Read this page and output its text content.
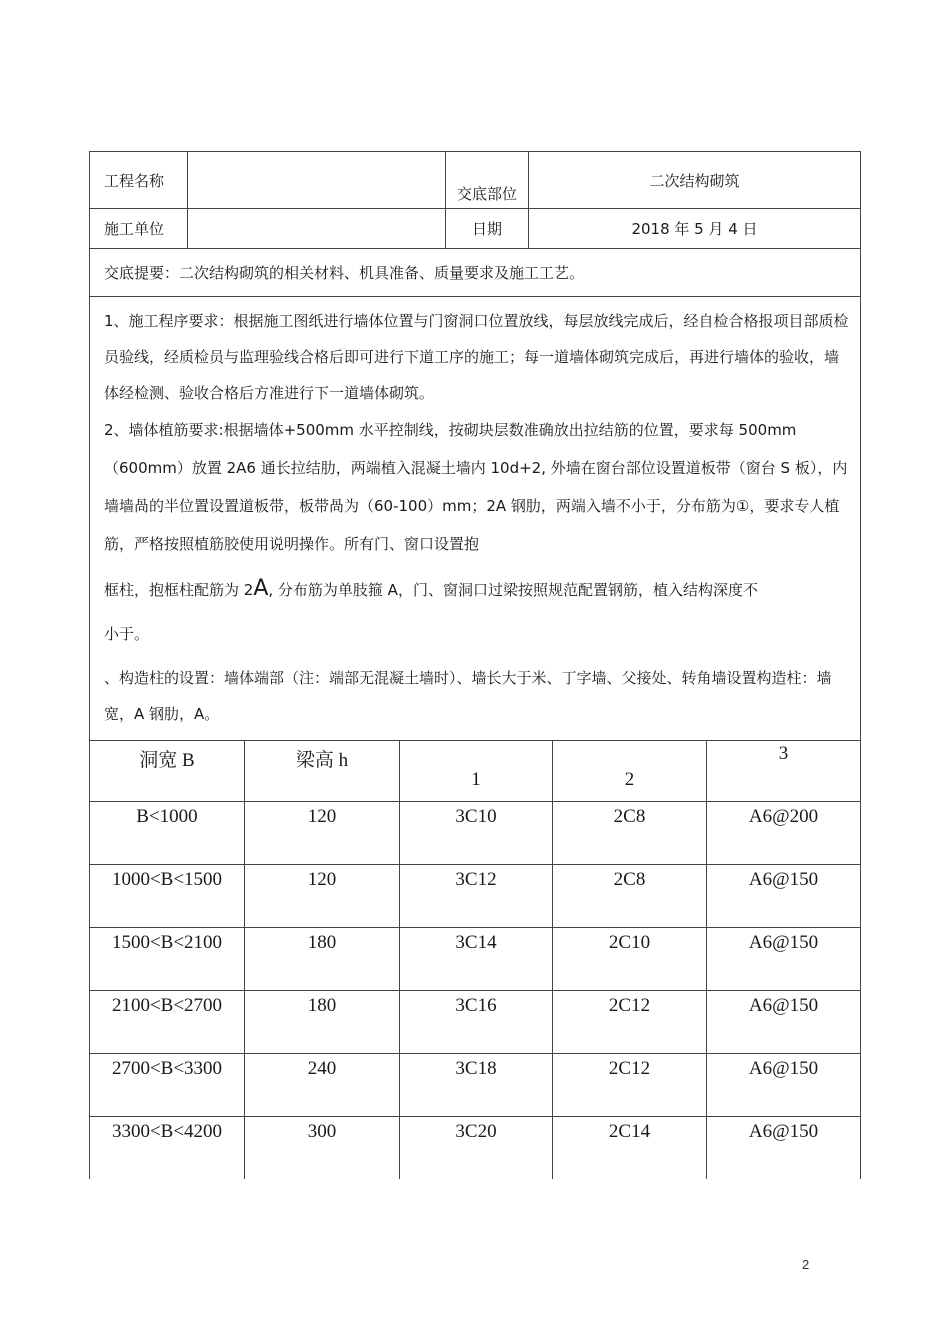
工程名称		交底部位	二次结构砌筑
施工单位		日期	2018 年 5 月 4 日
交底提要：二次结构砌筑的相关材料、机具准备、质量要求及施工工艺。			

1、施工程序要求：根据施工图纸进行墙体位置与门窗洞口位置放线，每层放线完成后，经自检合格报项目部质检员验线，经质检员与监理验线合格后即可进行下道工序的施工；每一道墙体砌筑完成后，再进行墙体的验收，墙体经检测、验收合格后方准进行下一道墙体砌筑。

2、墙体植筋要求:根据墙体+500mm 水平控制线，按砌块层数准确放出拉结筋的位置，要求每 500mm （600mm）放置 2A6 通长拉结肋，两端植入混凝土墙内 10d+2, 外墙在窗台部位设置道板带（窗台 S 板），内墙墙咼的半位置设置道板带，板带咼为（60-100）mm；2A 钢肋，两端入墙不小于，分布筋为①，要求专人植筋，严格按照植筋胶使用说明操作。所有门、窗口设置抱

框柱，抱框柱配筋为 2A, 分布筋为单肢箍 A，门、窗洞口过梁按照规范配置钢筋，植入结构深度不

小于。

、构造柱的设置：墙体端部（注：端部无混凝土墙时）、墙长大于米、丁字墙、父接处、转角墙设置构造柱：墙宽，A 钢肋，A。			

洞宽 B	梁高 h	1	2	3
B<1000	120	3C10	2C8	A6@200
1000<B<1500	120	3C12	2C8	A6@150
1500<B<2100	180	3C14	2C10	A6@150
2100<B<2700	180	3C16	2C12	A6@150
2700<B<3300	240	3C18	2C12	A6@150
3300<B<4200	300	3C20	2C14	A6@150
2
